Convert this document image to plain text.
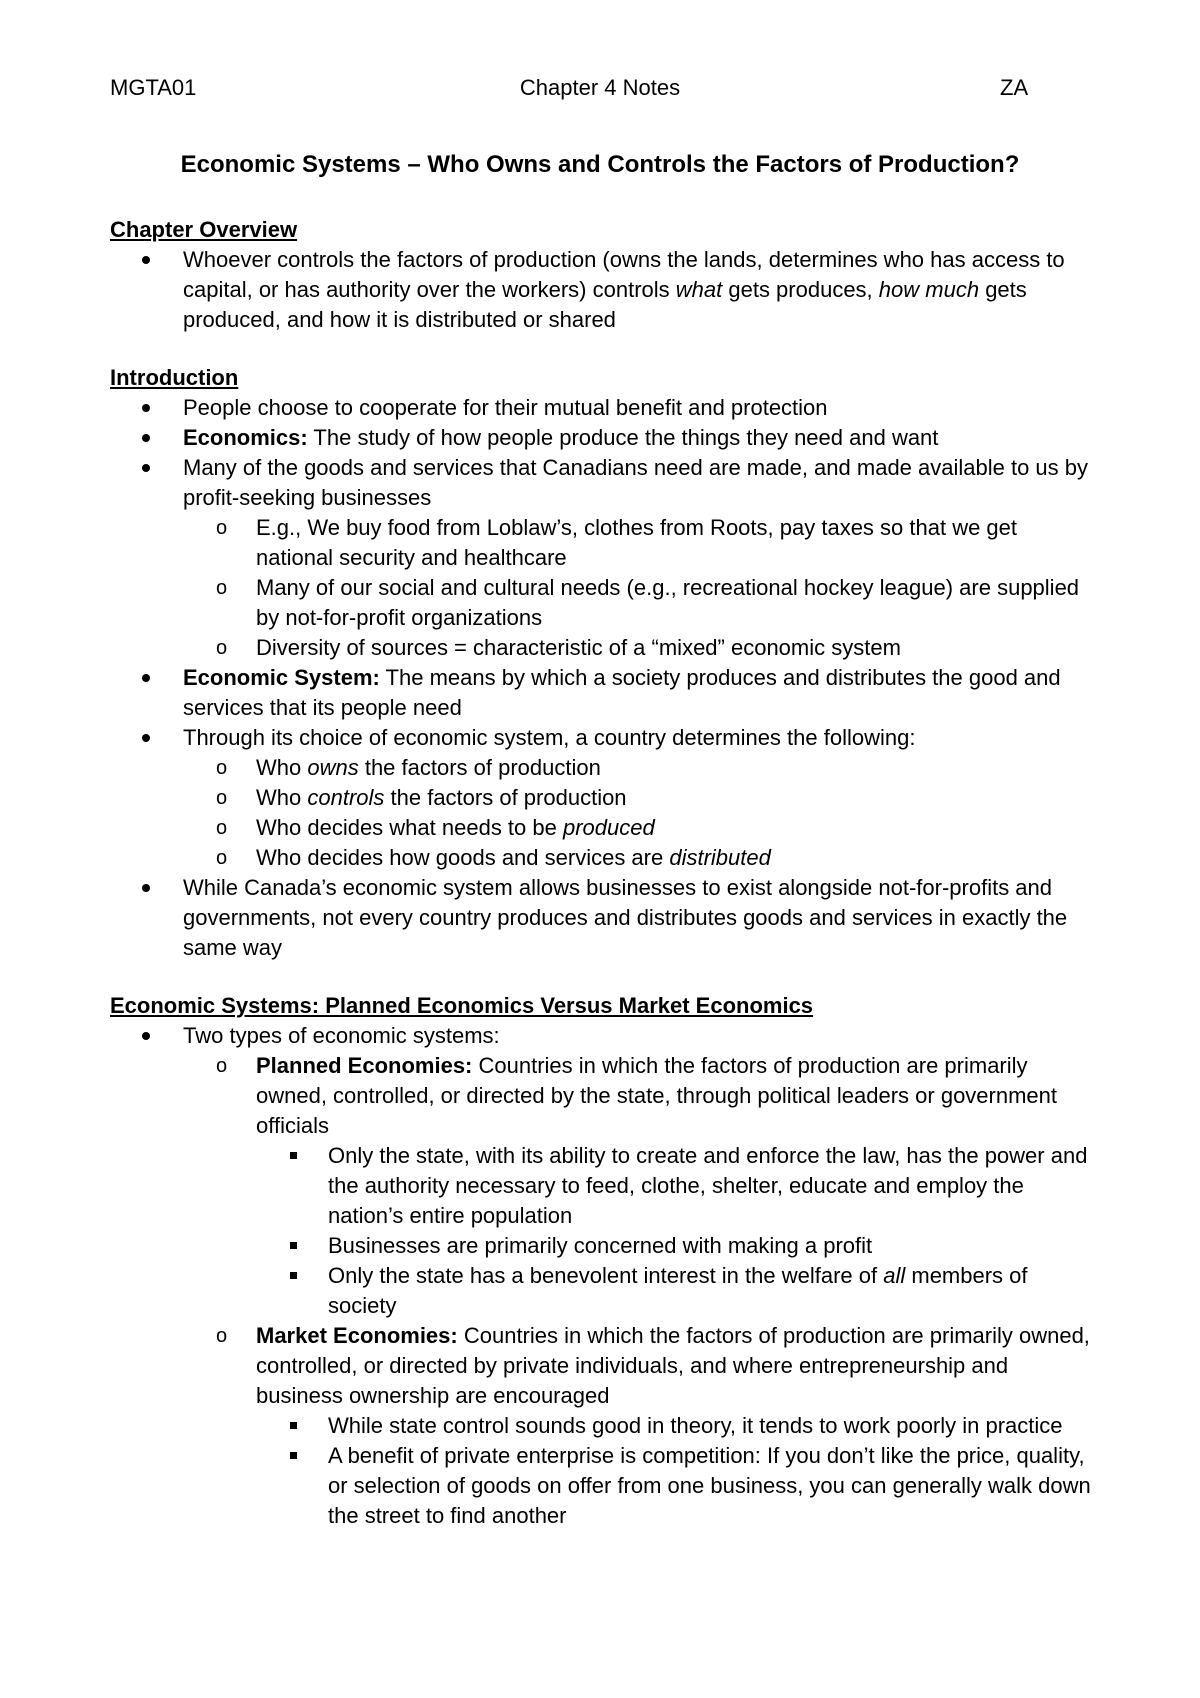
MGTA01	Chapter 4 Notes	ZA
Economic Systems – Who Owns and Controls the Factors of Production?

Chapter Overview

Whoever controls the factors of production (owns the lands, determines who has access to capital, or has authority over the workers) controls what gets produces, how much gets produced, and how it is distributed or shared

Introduction

People choose to cooperate for their mutual benefit and protection
Economics: The study of how people produce the things they need and want
Many of the goods and services that Canadians need are made, and made available to us by profit-seeking businesses
o E.g., We buy food from Loblaw’s, clothes from Roots, pay taxes so that we get national security and healthcare
o Many of our social and cultural needs (e.g., recreational hockey league) are supplied by not-for-profit organizations
o Diversity of sources = characteristic of a “mixed” economic system
Economic System: The means by which a society produces and distributes the good and services that its people need
Through its choice of economic system, a country determines the following:
o Who owns the factors of production
o Who controls the factors of production
o Who decides what needs to be produced
o Who decides how goods and services are distributed
While Canada’s economic system allows businesses to exist alongside not-for-profits and governments, not every country produces and distributes goods and services in exactly the same way

Economic Systems: Planned Economics Versus Market Economics

Two types of economic systems:
o Planned Economies: Countries in which the factors of production are primarily owned, controlled, or directed by the state, through political leaders or government officials
Only the state, with its ability to create and enforce the law, has the power and the authority necessary to feed, clothe, shelter, educate and employ the nation’s entire population
Businesses are primarily concerned with making a profit
Only the state has a benevolent interest in the welfare of all members of society
o Market Economies: Countries in which the factors of production are primarily owned, controlled, or directed by private individuals, and where entrepreneurship and business ownership are encouraged
While state control sounds good in theory, it tends to work poorly in practice
A benefit of private enterprise is competition: If you don’t like the price, quality, or selection of goods on offer from one business, you can generally walk down the street to find another
